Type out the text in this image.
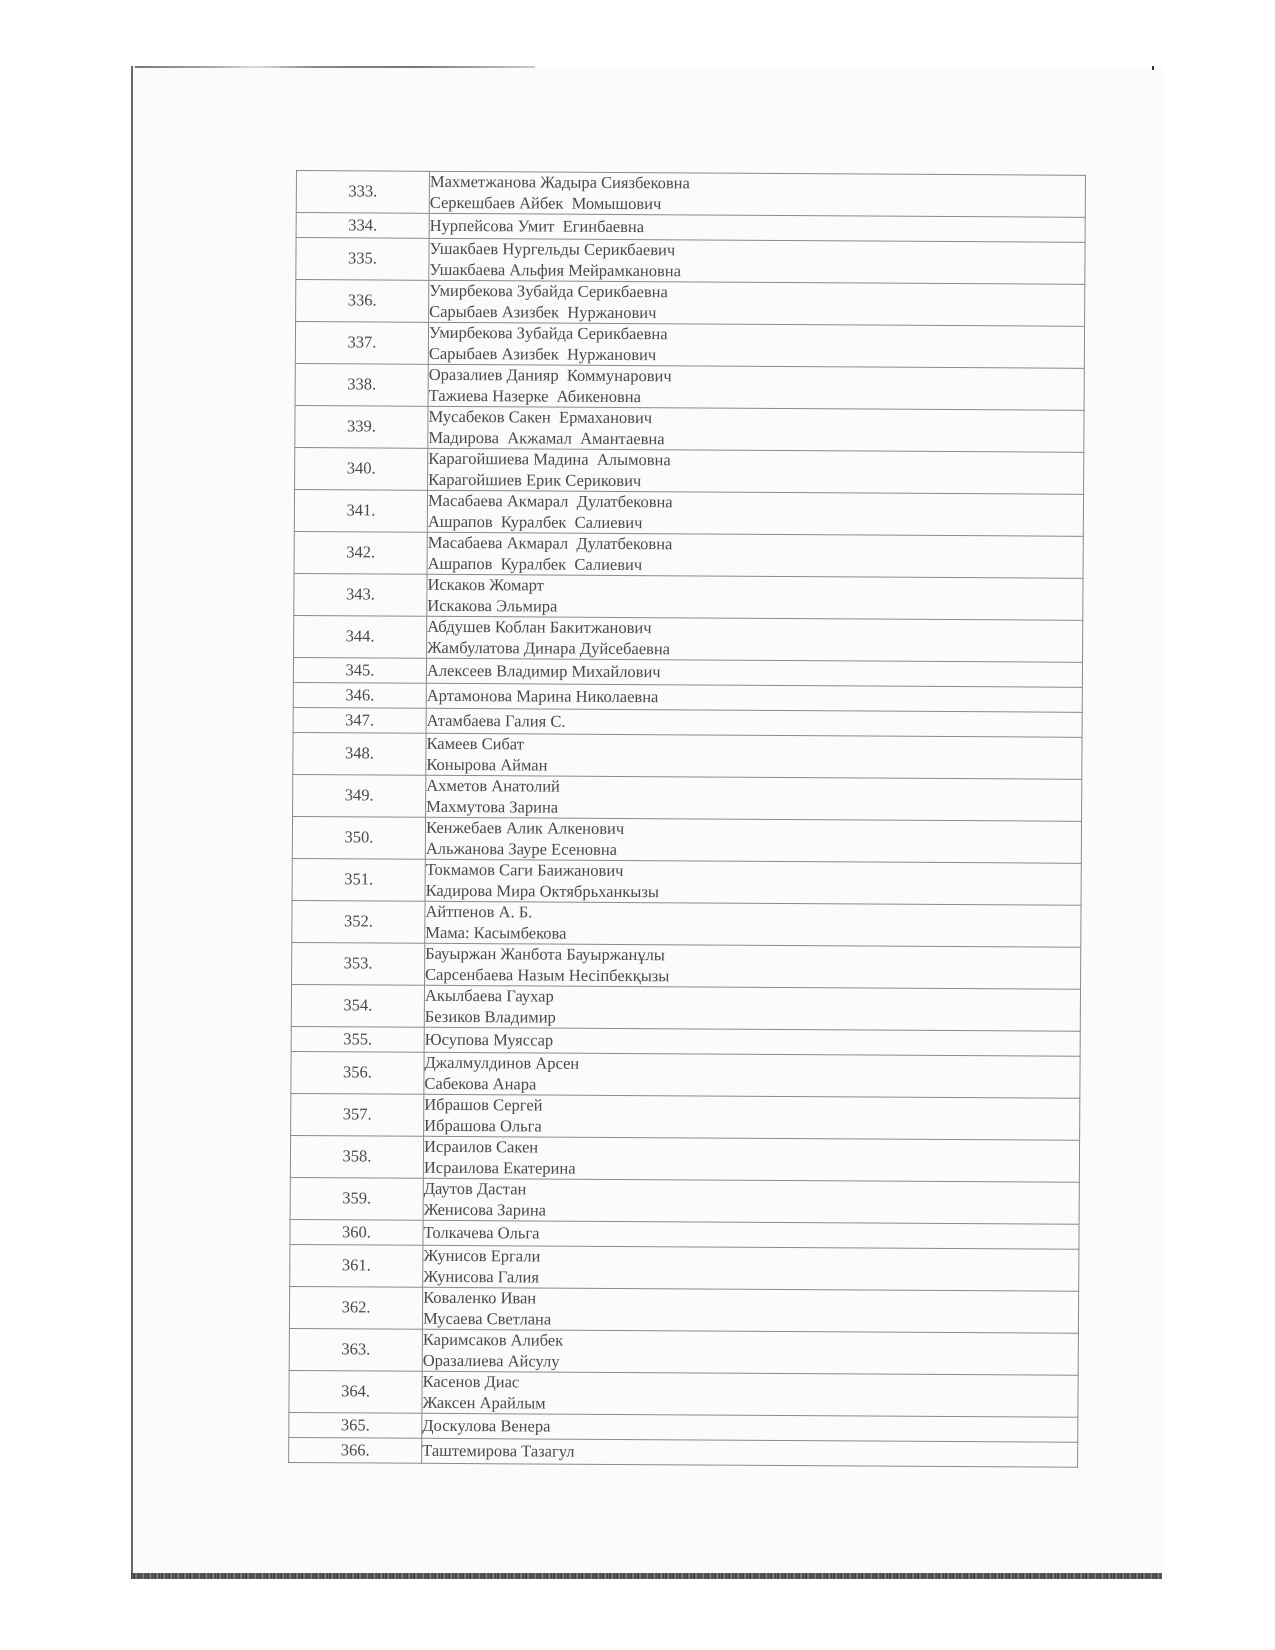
333.	Махметжанова Жадыра Сиязбековна
Серкешбаев Айбек  Момышович

334.	Нурпейсова Умит  Егинбаевна

335.	Ушакбаев Нургельды Серикбаевич
Ушакбаева Альфия Мейрамкановна

336.	Умирбекова Зубайда Серикбаевна
Сарыбаев Азизбек  Нуржанович

337.	Умирбекова Зубайда Серикбаевна
Сарыбаев Азизбек  Нуржанович

338.	Оразалиев Данияр  Коммунарович
Тажиева Назерке  Абикеновна

339.	Мусабеков Сакен  Ермаханович
Мадирова  Акжамал  Амантаевна

340.	Карагойшиева Мадина  Алымовна
Карагойшиев Ерик Серикович

341.	Масабаева Акмарал  Дулатбековна
Ашрапов  Куралбек  Салиевич

342.	Масабаева Акмарал  Дулатбековна
Ашрапов  Куралбек  Салиевич

343.	Искаков Жомарт
Искакова Эльмира

344.	Абдушев Коблан Бакитжанович
Жамбулатова Динара Дуйсебаевна

345.	Алексеев Владимир Михайлович

346.	Артамонова Марина Николаевна

347.	Атамбаева Галия С.

348.	Камеев Сибат
Конырова Айман

349.	Ахметов Анатолий
Махмутова Зарина

350.	Кенжебаев Алик Алкенович
Альжанова Зауре Есеновна

351.	Токмамов Саги Баижанович
Кадирова Мира Октябрьханкызы

352.	Айтпенов А. Б.
Мама: Касымбекова

353.	Бауыржан Жанбота Бауыржанұлы
Сарсенбаева Назым Несіпбекқызы

354.	Акылбаева Гаухар
Безиков Владимир

355.	Юсупова Муяссар

356.	Джалмулдинов Арсен
Сабекова Анара

357.	Ибрашов Сергей
Ибрашова Ольга

358.	Исраилов Сакен
Исраилова Екатерина

359.	Даутов Дастан
Женисова Зарина

360.	Толкачева Ольга

361.	Жунисов Ергали
Жунисова Галия

362.	Коваленко Иван
Мусаева Светлана

363.	Каримсаков Алибек
Оразалиева Айсулу

364.	Касенов Диас
Жаксен Арайлым

365.	Доскулова Венера

366.	Таштемирова Тазагул
